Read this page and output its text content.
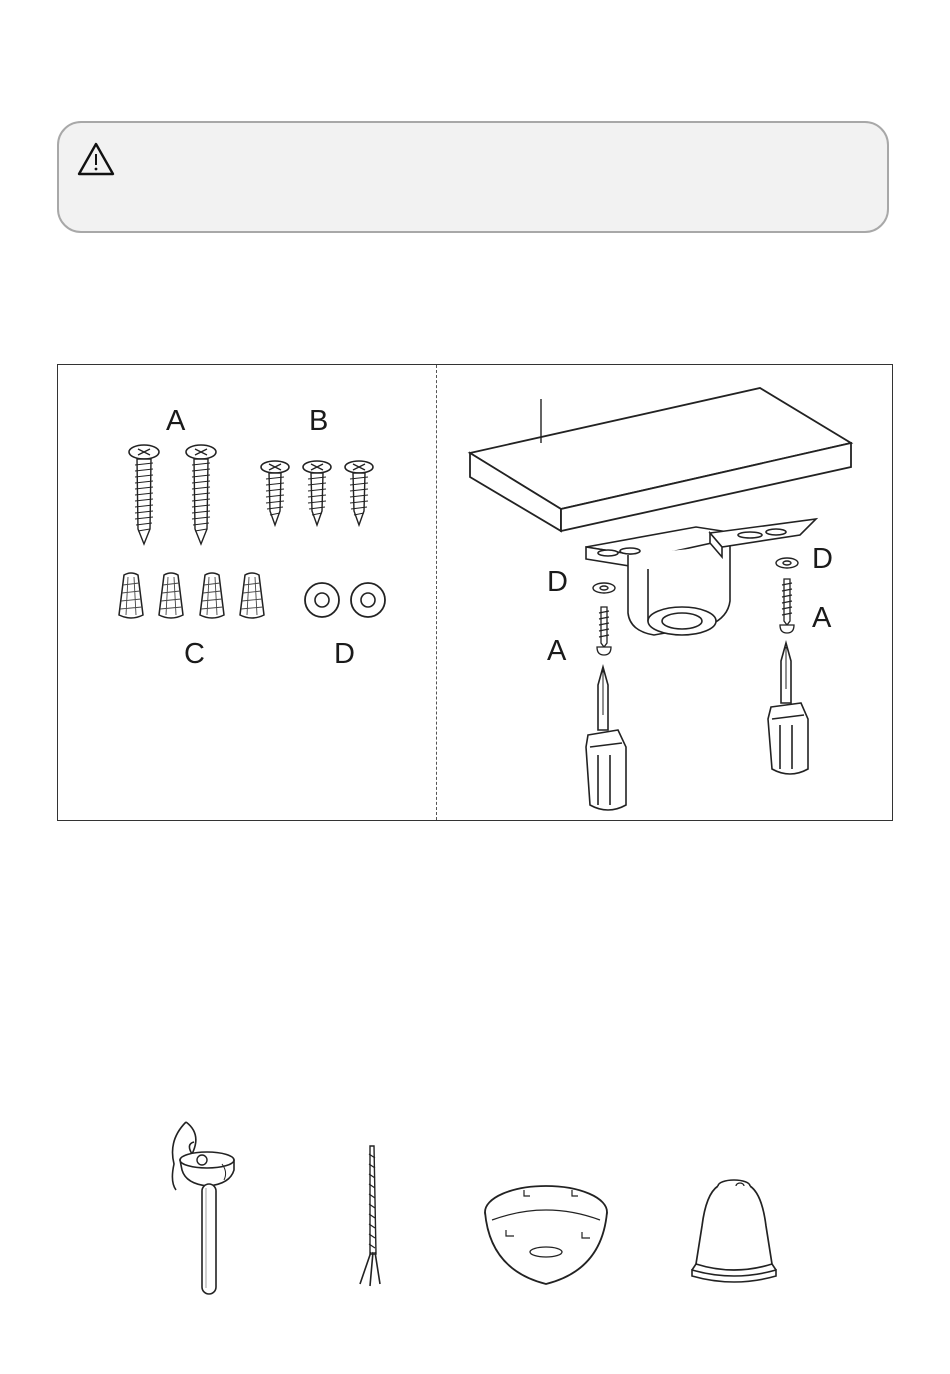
A	B
C	D
D
A
D
A
